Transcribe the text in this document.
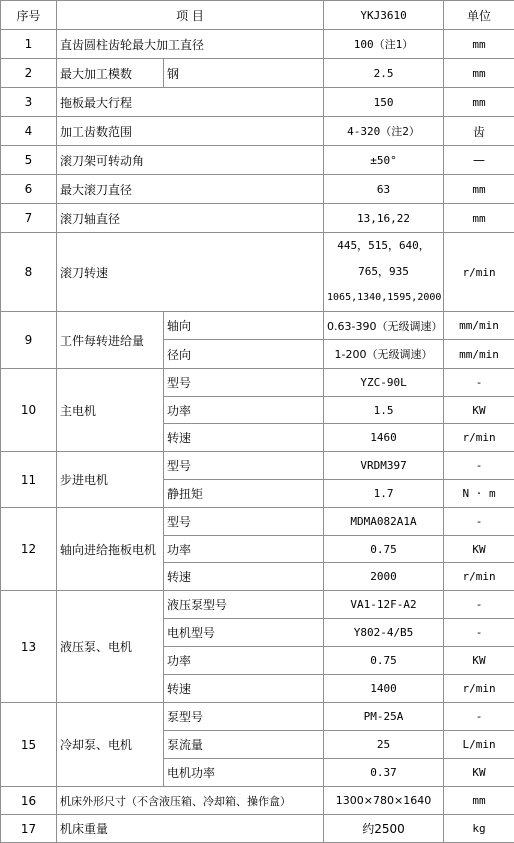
序号	项 目		YKJ3610	单位
1	直齿圆柱齿轮最大加工直径		100（注1）	mm
2	最大加工模数	钢	2.5	mm
3	拖板最大行程		150	mm
4	加工齿数范围		4-320（注2）	齿
5	滚刀架可转动角		±50°	—
6	最大滚刀直径		63	mm
7	滚刀轴直径		13,16,22	mm
8	滚刀转速		445，515，640，
765，935
1065,1340,1595,2000	r/min
9	工件每转进给量	轴向	0.63-390（无级调速）	mm/min
		径向	1-200（无级调速）	mm/min
10	主电机	型号	YZC-90L	-
		功率	1.5	KW
		转速	1460	r/min
11	步进电机	型号	VRDM397	-
		静扭矩	1.7	N · m
12	轴向进给拖板电机	型号	MDMA082A1A	-
		功率	0.75	KW
		转速	2000	r/min
13	液压泵、电机	液压泵型号	VA1-12F-A2	-
		电机型号	Y802-4/B5	-
		功率	0.75	KW
		转速	1400	r/min
15	冷却泵、电机	泵型号	PM-25A	-
		泵流量	25	L/min
		电机功率	0.37	KW
16	机床外形尺寸（不含液压箱、冷却箱、操作盒）		1300×780×1640	mm
17	机床重量		约2500	kg
